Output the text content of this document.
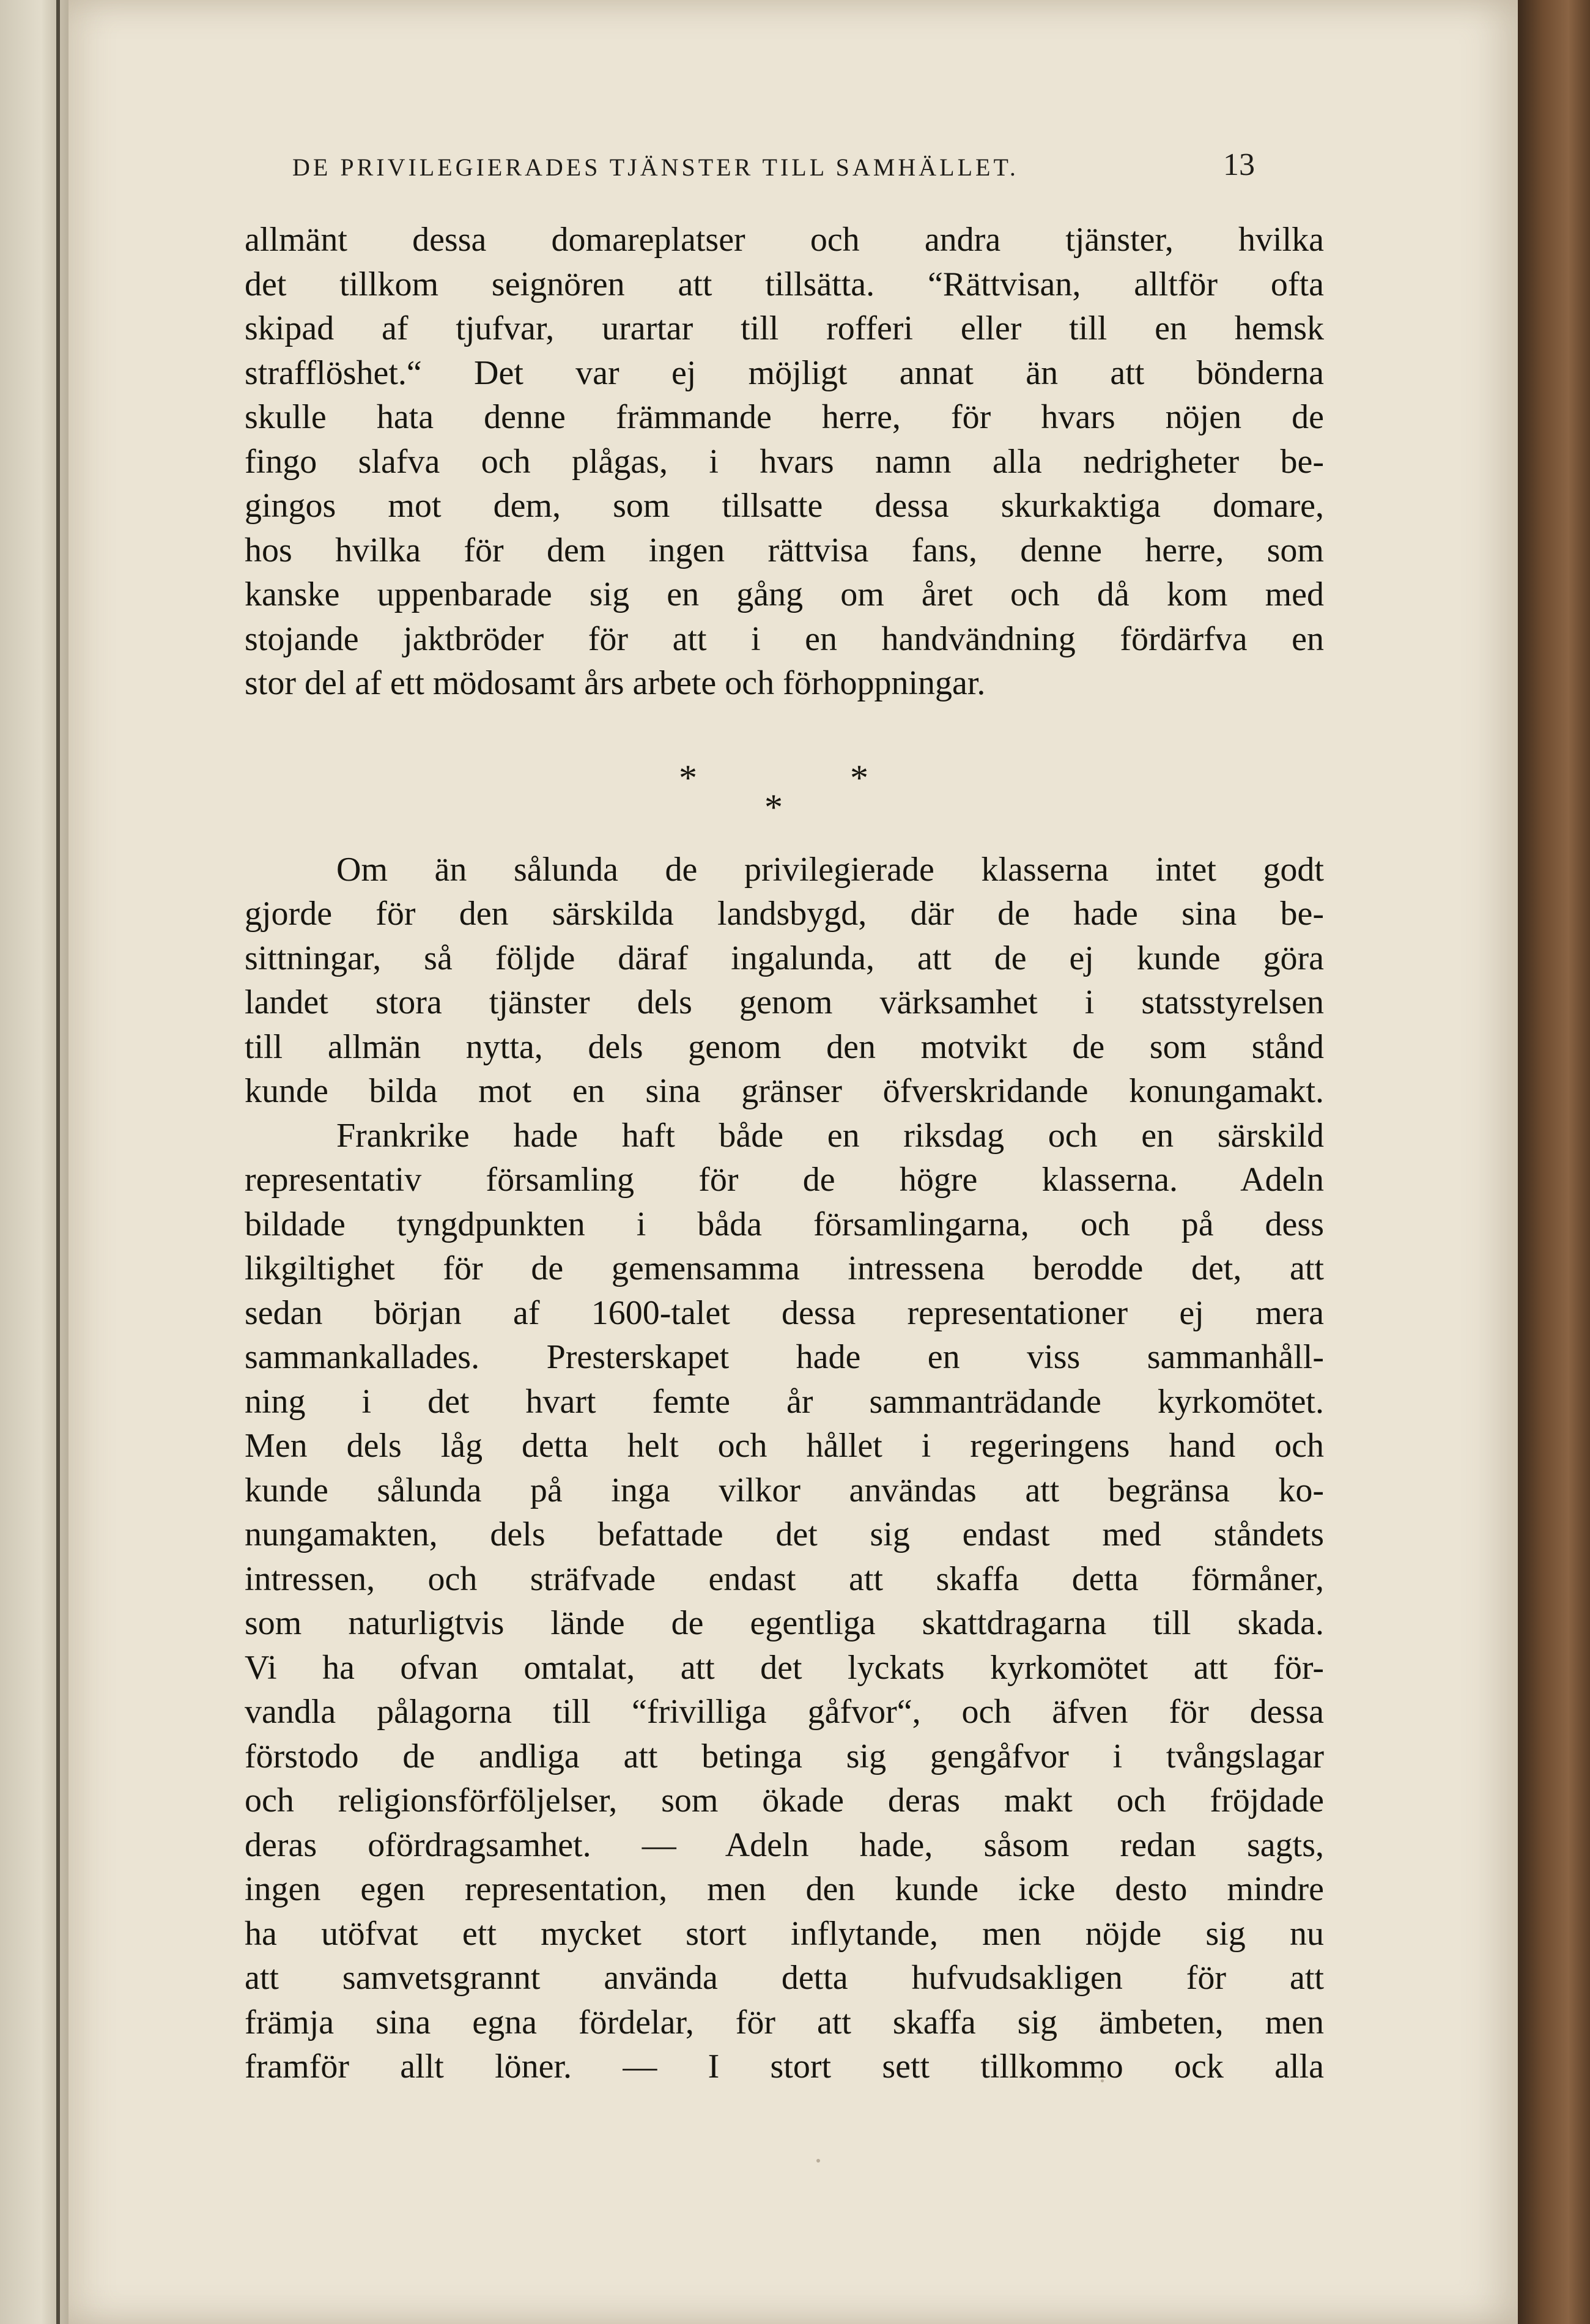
DE PRIVILEGIERADES TJÄNSTER TILL SAMHÄLLET.	13
allmänt dessa domareplatser och andra tjänster, hvilka
det tillkom seignören att tillsätta. “Rättvisan, alltför ofta
skipad af tjufvar, urartar till rofferi eller till en hemsk
strafflöshet.“ Det var ej möjligt annat än att bönderna
skulle hata denne främmande herre, för hvars nöjen de
fingo slafva och plågas, i hvars namn alla nedrigheter be-
gingos mot dem, som tillsatte dessa skurkaktiga domare,
hos hvilka för dem ingen rättvisa fans, denne herre, som
kanske uppenbarade sig en gång om året och då kom med
stojande jaktbröder för att i en handvändning fördärfva en
stor del af ett mödosamt års arbete och förhoppningar.
Om än sålunda de privilegierade klasserna intet godt
gjorde för den särskilda landsbygd, där de hade sina be-
sittningar, så följde däraf ingalunda, att de ej kunde göra
landet stora tjänster dels genom värksamhet i statsstyrelsen
till allmän nytta, dels genom den motvikt de som stånd
kunde bilda mot en sina gränser öfverskridande konungamakt.
Frankrike hade haft både en riksdag och en särskild
representativ församling för de högre klasserna. Adeln
bildade tyngdpunkten i båda församlingarna, och på dess
likgiltighet för de gemensamma intressena berodde det, att
sedan början af 1600-talet dessa representationer ej mera
sammankallades. Presterskapet hade en viss sammanhåll-
ning i det hvart femte år sammanträdande kyrkomötet.
Men dels låg detta helt och hållet i regeringens hand och
kunde sålunda på inga vilkor användas att begränsa ko-
nungamakten, dels befattade det sig endast med ståndets
intressen, och sträfvade endast att skaffa detta förmåner,
som naturligtvis lände de egentliga skattdragarna till skada.
Vi ha ofvan omtalat, att det lyckats kyrkomötet att för-
vandla pålagorna till “frivilliga gåfvor“, och äfven för dessa
förstodo de andliga att betinga sig gengåfvor i tvångslagar
och religionsförföljelser, som ökade deras makt och fröjdade
deras ofördragsamhet. — Adeln hade, såsom redan sagts,
ingen egen representation, men den kunde icke desto mindre
ha utöfvat ett mycket stort inflytande, men nöjde sig nu
att samvetsgrannt använda detta hufvudsakligen för att
främja sina egna fördelar, för att skaffa sig ämbeten, men
framför allt löner. — I stort sett tillkommo ock alla
*	*
*
